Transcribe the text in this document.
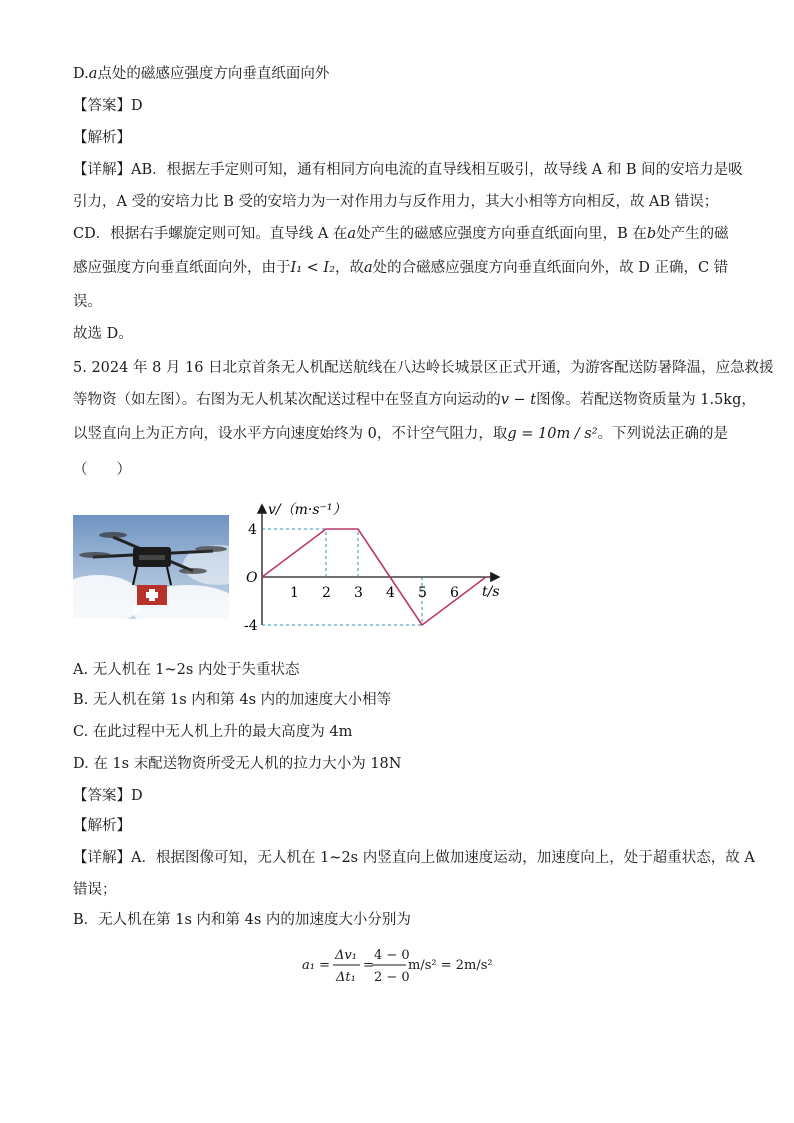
D.a点处的磁感应强度方向垂直纸面向外
【答案】D
【解析】
【详解】AB．根据左手定则可知，通有相同方向电流的直导线相互吸引，故导线 A 和 B 间的安培力是吸
引力，A 受的安培力比 B 受的安培力为一对作用力与反作用力，其大小相等方向相反，故 AB 错误；
CD．根据右手螺旋定则可知。直导线 A 在a处产生的磁感应强度方向垂直纸面向里，B 在b处产生的磁
感应强度方向垂直纸面向外，由于I₁ < I₂，故a处的合磁感应强度方向垂直纸面向外，故 D 正确，C 错
误。
故选 D。
5. 2024 年 8 月 16 日北京首条无人机配送航线在八达岭长城景区正式开通，为游客配送防暑降温，应急救援
等物资（如左图）。右图为无人机某次配送过程中在竖直方向运动的v − t图像。若配送物资质量为 1.5kg，
以竖直向上为正方向，设水平方向速度始终为 0，不计空气阻力，取g = 10m / s²。下列说法正确的是
（　　）
v/（m·s⁻¹）
t/s
O
1 2 3 4 5 6
4
-4
A. 无人机在 1~2s 内处于失重状态
B. 无人机在第 1s 内和第 4s 内的加速度大小相等
C. 在此过程中无人机上升的最大高度为 4m
D. 在 1s 末配送物资所受无人机的拉力大小为 18N
【答案】D
【解析】
【详解】A．根据图像可知，无人机在 1~2s 内竖直向上做加速度运动，加速度向上，处于超重状态，故 A
错误；
B．无人机在第 1s 内和第 4s 内的加速度大小分别为
a₁ =
Δv₁
Δt₁
=
4 − 0
2 − 0
m/s² = 2m/s²
